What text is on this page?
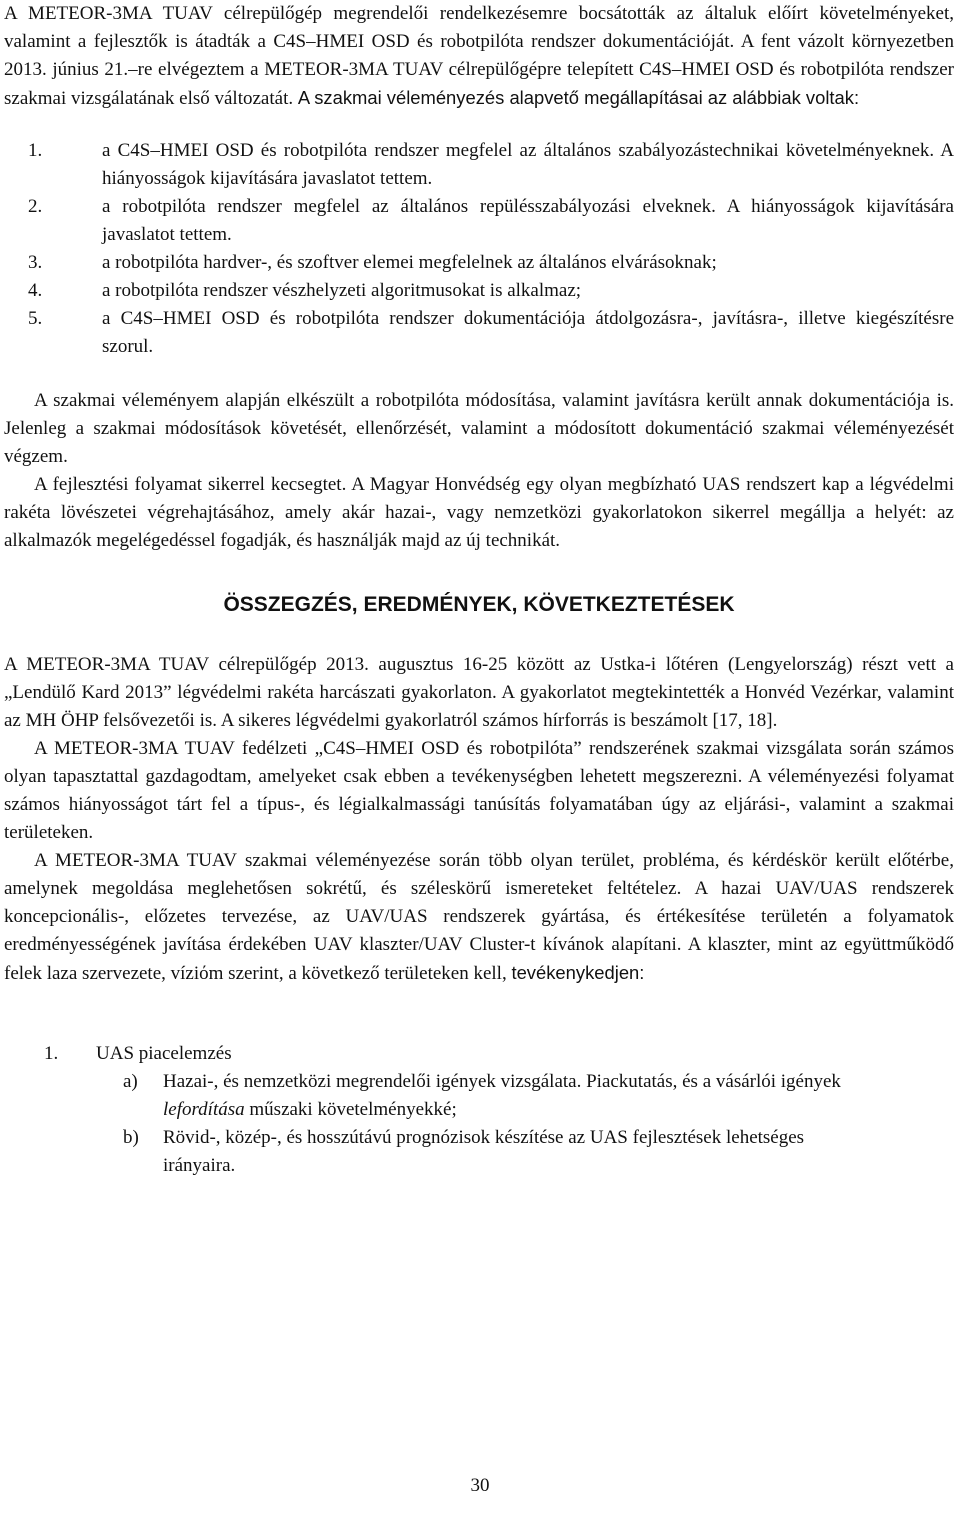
A METEOR-3MA TUAV célrepülőgép megrendelői rendelkezésemre bocsátották az általuk előírt követelményeket, valamint a fejlesztők is átadták a C4S–HMEI OSD és robotpilóta rendszer dokumentációját. A fent vázolt környezetben 2013. június 21.–re elvégeztem a METEOR-3MA TUAV célrepülőgépre telepített C4S–HMEI OSD és robotpilóta rendszer szakmai vizsgálatának első változatát. A szakmai véleményezés alapvető megállapításai az alábbiak voltak:

1.	a C4S–HMEI OSD és robotpilóta rendszer megfelel az általános szabályozástechnikai követelményeknek. A hiányosságok kijavítására javaslatot tettem.
2.	a robotpilóta rendszer megfelel az általános repülésszabályozási elveknek. A hiányosságok kijavítására javaslatot tettem.
3.	a robotpilóta hardver-, és szoftver elemei megfelelnek az általános elvárásoknak;
4.	a robotpilóta rendszer vészhelyzeti algoritmusokat is alkalmaz;
5.	a C4S–HMEI OSD és robotpilóta rendszer dokumentációja átdolgozásra-, javításra-, illetve kiegészítésre szorul.

A szakmai véleményem alapján elkészült a robotpilóta módosítása, valamint javításra került annak dokumentációja is. Jelenleg a szakmai módosítások követését, ellenőrzését, valamint a módosított dokumentáció szakmai véleményezését végzem.

A fejlesztési folyamat sikerrel kecsegtet. A Magyar Honvédség egy olyan megbízható UAS rendszert kap a légvédelmi rakéta lövészetei végrehajtásához, amely akár hazai-, vagy nemzetközi gyakorlatokon sikerrel megállja a helyét: az alkalmazók megelégedéssel fogadják, és használják majd az új technikát.

ÖSSZEGZÉS, EREDMÉNYEK, KÖVETKEZTETÉSEK

A METEOR-3MA TUAV célrepülőgép 2013. augusztus 16-25 között az Ustka-i lőtéren (Lengyelország) részt vett a „Lendülő Kard 2013” légvédelmi rakéta harcászati gyakorlaton. A gyakorlatot megtekintették a Honvéd Vezérkar, valamint az MH ÖHP felsővezetői is. A sikeres légvédelmi gyakorlatról számos hírforrás is beszámolt [17, 18].

A METEOR-3MA TUAV fedélzeti „C4S–HMEI OSD és robotpilóta” rendszerének szakmai vizsgálata során számos olyan tapasztattal gazdagodtam, amelyeket csak ebben a tevékenységben lehetett megszerezni. A véleményezési folyamat számos hiányosságot tárt fel a típus-, és légialkalmassági tanúsítás folyamatában úgy az eljárási-, valamint a szakmai területeken.

A METEOR-3MA TUAV szakmai véleményezése során több olyan terület, probléma, és kérdéskör került előtérbe, amelynek megoldása meglehetősen sokrétű, és széleskörű ismereteket feltételez. A hazai UAV/UAS rendszerek koncepcionális-, előzetes tervezése, az UAV/UAS rendszerek gyártása, és értékesítése területén a folyamatok eredményességének javítása érdekében UAV klaszter/UAV Cluster-t kívánok alapítani. A klaszter, mint az együttműködő felek laza szervezete, víziόm szerint, a következő területeken kell, tevékenykedjen:

1.	UAS piacelemzés
a)	Hazai-, és nemzetközi megrendelői igények vizsgálata. Piackutatás, és a vásárlói igények lefordítása műszaki követelményekké;
b)	Rövid-, közép-, és hosszútávú prognózisok készítése az UAS fejlesztések lehetséges irányaira.
30
